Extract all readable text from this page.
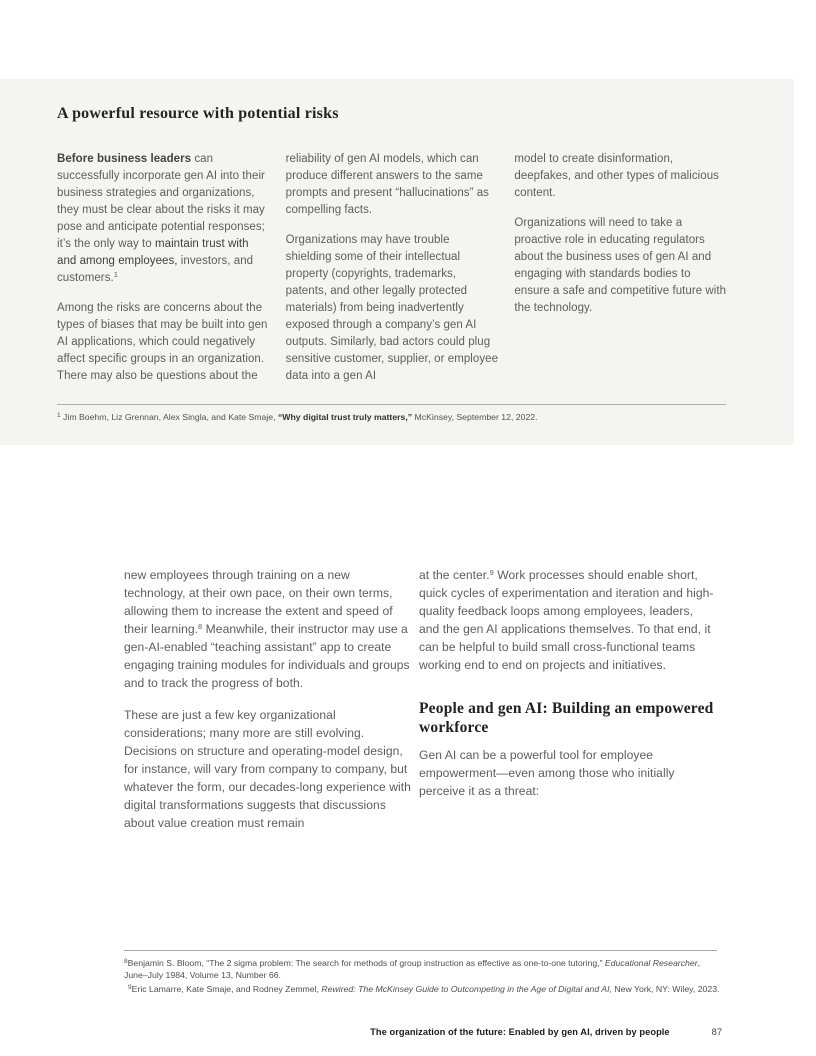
A powerful resource with potential risks

Before business leaders can successfully incorporate gen AI into their business strategies and organizations, they must be clear about the risks it may pose and anticipate potential responses; it’s the only way to maintain trust with and among employees, investors, and customers.$^1$

Among the risks are concerns about the types of biases that may be built into gen AI applications, which could negatively affect specific groups in an organization. There may also be questions about the

reliability of gen AI models, which can produce different answers to the same prompts and present “hallucinations” as compelling facts.

Organizations may have trouble shielding some of their intellectual property (copyrights, trademarks, patents, and other legally protected materials) from being inadvertently exposed through a company’s gen AI outputs. Similarly, bad actors could plug sensitive customer, supplier, or employee data into a gen AI

model to create disinformation, deepfakes, and other types of malicious content.

Organizations will need to take a proactive role in educating regulators about the business uses of gen AI and engaging with standards bodies to ensure a safe and competitive future with the technology.

$^1$ Jim Boehm, Liz Grennan, Alex Singla, and Kate Smaje, “Why digital trust truly matters,” McKinsey, September 12, 2022.

new employees through training on a new technology, at their own pace, on their own terms, allowing them to increase the extent and speed of their learning.$^8$ Meanwhile, their instructor may use a gen-AI-enabled “teaching assistant” app to create engaging training modules for individuals and groups and to track the progress of both.

These are just a few key organizational considerations; many more are still evolving. Decisions on structure and operating-model design, for instance, will vary from company to company, but whatever the form, our decades-long experience with digital transformations suggests that discussions about value creation must remain

at the center.$^9$ Work processes should enable short, quick cycles of experimentation and iteration and high-quality feedback loops among employees, leaders, and the gen AI applications themselves. To that end, it can be helpful to build small cross-functional teams working end to end on projects and initiatives.

People and gen AI: Building an empowered workforce

Gen AI can be a powerful tool for employee empowerment—even among those who initially perceive it as a threat:

$^8$Benjamin S. Bloom, “The 2 sigma problem: The search for methods of group instruction as effective as one-to-one tutoring,” Educational Researcher, June–July 1984, Volume 13, Number 66.
$^9$Eric Lamarre, Kate Smaje, and Rodney Zemmel, Rewired: The McKinsey Guide to Outcompeting in the Age of Digital and AI, New York, NY: Wiley, 2023.
The organization of the future: Enabled by gen AI, driven by people	87
